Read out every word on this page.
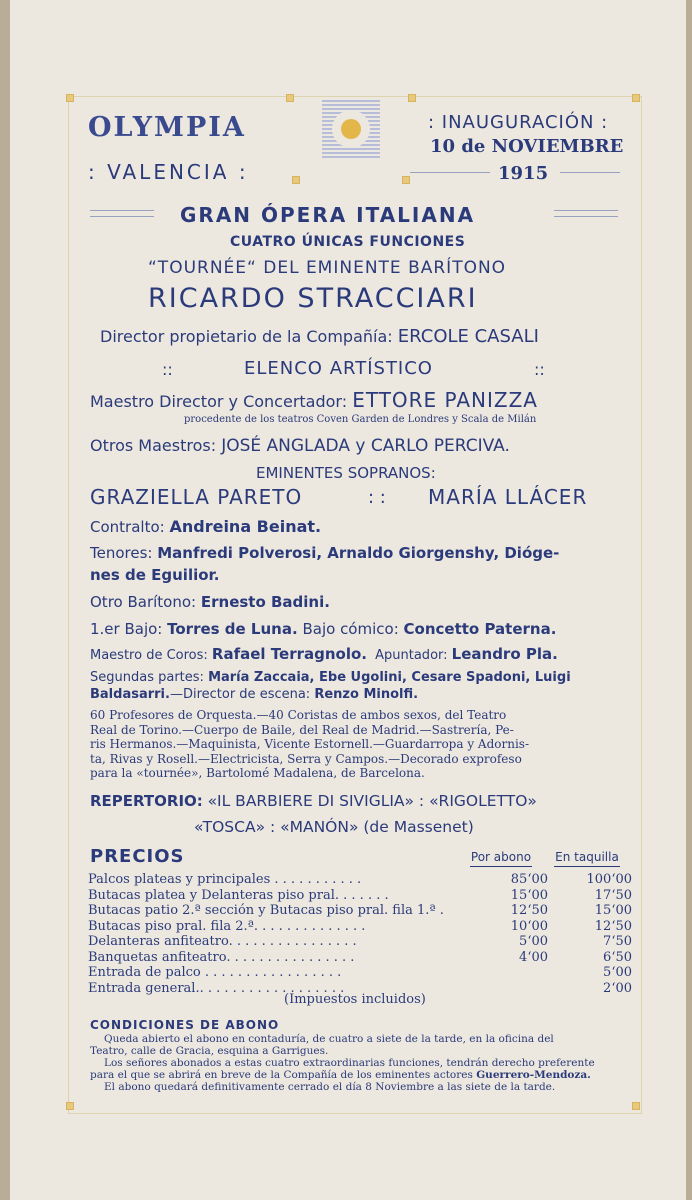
OLYMPIA
: VALENCIA :
: INAUGURACIÓN :
10 de NOVIEMBRE
1915
GRAN ÓPERA ITALIANA
CUATRO ÚNICAS FUNCIONES
“TOURNÉE“ DEL EMINENTE BARÍTONO
RICARDO STRACCIARI
Director propietario de la Compañía: ERCOLE CASALI
::	ELENCO ARTÍSTICO	::
Maestro Director y Concertador: ETTORE PANIZZA
procedente de los teatros Coven Garden de Londres y Scala de Milán
Otros Maestros: JOSÉ ANGLADA y CARLO PERCIVA.
EMINENTES SOPRANOS:
GRAZIELLA PARETO	: : MARÍA LLÁCER
Contralto: Andreina Beinat.
Tenores: Manfredi Polverosi, Arnaldo Giorgenshy, Dióge-
nes de Eguilior.
Otro Barítono: Ernesto Badini.
1.er Bajo: Torres de Luna. Bajo cómico: Concetto Paterna.
Maestro de Coros: Rafael Terragnolo. Apuntador: Leandro Pla.
Segundas partes: María Zaccaia, Ebe Ugolini, Cesare Spadoni, Luigi
Baldasarri.—Director de escena: Renzo Minolfi.
60 Profesores de Orquesta.—40 Coristas de ambos sexos, del Teatro
Real de Torino.—Cuerpo de Baile, del Real de Madrid.—Sastrería, Pe-
ris Hermanos.—Maquinista, Vicente Estornell.—Guardarropa y Adornis-
ta, Rivas y Rosell.—Electricista, Serra y Campos.—Decorado exprofeso
para la «tournée», Bartolomé Madalena, de Barcelona.
REPERTORIO: «IL BARBIERE DI SIVIGLIA» : «RIGOLETTO»
«TOSCA» : «MANÓN» (de Massenet)
PRECIOS	Por abono En taquilla
Palcos plateas y principales . . . . . . . . . . .	85‘00	100‘00
Butacas platea y Delanteras piso pral. . . . . . .	15‘00	17‘50
Butacas patio 2.ª sección y Butacas piso pral. fila 1.ª .	12‘50	15‘00
Butacas piso pral. fila 2.ª. . . . . . . . . . . . . .	10‘00	12‘50
Delanteras anfiteatro. . . . . . . . . . . . . . . .	5‘00	7‘50
Banquetas anfiteatro. . . . . . . . . . . . . . . .	4‘00	6‘50
Entrada de palco . . . . . . . . . . . . . . . . .		5‘00
Entrada general.. . . . . . . . . . . . . . . . . .		2‘00
(Impuestos incluidos)
CONDICIONES DE ABONO
Queda abierto el abono en contaduría, de cuatro a siete de la tarde, en la oficina del
Teatro, calle de Gracia, esquina a Garrigues.
Los señores abonados a estas cuatro extraordinarias funciones, tendrán derecho preferente
para el que se abrirá en breve de la Compañía de los eminentes actores Guerrero-Mendoza.
El abono quedará definitivamente cerrado el día 8 Noviembre a las siete de la tarde.
